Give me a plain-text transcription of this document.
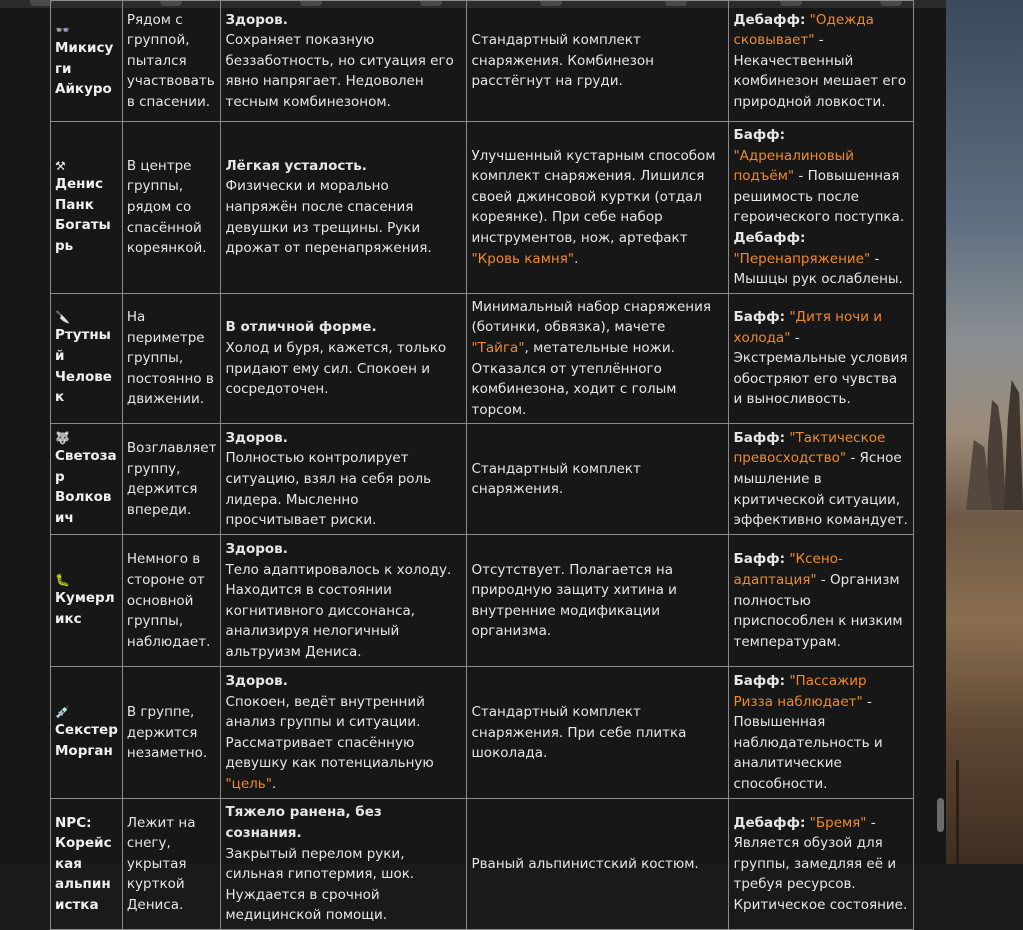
👓
Микису ги Айкуро	Рядом с группой, пытался участвовать в спасении.	Здоров.
Сохраняет показную беззаботность, но ситуация его явно напрягает. Недоволен тесным комбинезоном.	Стандартный комплект снаряжения. Комбинезон расстёгнут на груди.	Дебафф: "Одежда сковывает" - Некачественный комбинезон мешает его природной ловкости.

⚒
Денис Панк Богаты рь	В центре группы, рядом со спасённой кореянкой.	Лёгкая усталость.
Физически и морально напряжён после спасения девушки из трещины. Руки дрожат от перенапряжения.	Улучшенный кустарным способом комплект снаряжения. Лишился своей джинсовой куртки (отдал кореянке). При себе набор инструментов, нож, артефакт "Кровь камня".	Бафф: "Адреналиновый подъём" - Повышенная решимость после героического поступка.
Дебафф:
"Перенапряжение" - Мышцы рук ослаблены.

🔪
Ртутны й Челове к	На периметре группы, постоянно в движении.	В отличной форме.
Холод и буря, кажется, только придают ему сил. Спокоен и сосредоточен.	Минимальный набор снаряжения (ботинки, обвязка), мачете "Тайга", метательные ножи. Отказался от утеплённого комбинезона, ходит с голым торсом.	Бафф: "Дитя ночи и холода" - Экстремальные условия обостряют его чувства и выносливость.

🐺
Светоза р Волков ич	Возглавляет группу, держится впереди.	Здоров.
Полностью контролирует ситуацию, взял на себя роль лидера. Мысленно просчитывает риски.	Стандартный комплект снаряжения.	Бафф: "Тактическое превосходство" - Ясное мышление в критической ситуации, эффективно командует.

🐛
Кумерл икс	Немного в стороне от основной группы, наблюдает.	Здоров.
Тело адаптировалось к холоду. Находится в состоянии когнитивного диссонанса, анализируя нелогичный альтруизм Дениса.	Отсутствует. Полагается на природную защиту хитина и внутренние модификации организма.	Бафф: "Ксено-адаптация" - Организм полностью приспособлен к низким температурам.

💉
Секстер Морган	В группе, держится незаметно.	Здоров.
Спокоен, ведёт внутренний анализ группы и ситуации. Рассматривает спасённую девушку как потенциальную "цель".	Стандартный комплект снаряжения. При себе плитка шоколада.	Бафф: "Пассажир Ризза наблюдает" - Повышенная наблюдательность и аналитические способности.
NPC: Корейс кая альпин истка	Лежит на снегу, укрытая курткой Дениса.	Тяжело ранена, без сознания.
Закрытый перелом руки, сильная гипотермия, шок. Нуждается в срочной медицинской помощи.	Рваный альпинистский костюм.	Дебафф: "Бремя" - Является обузой для группы, замедляя её и требуя ресурсов. Критическое состояние.
